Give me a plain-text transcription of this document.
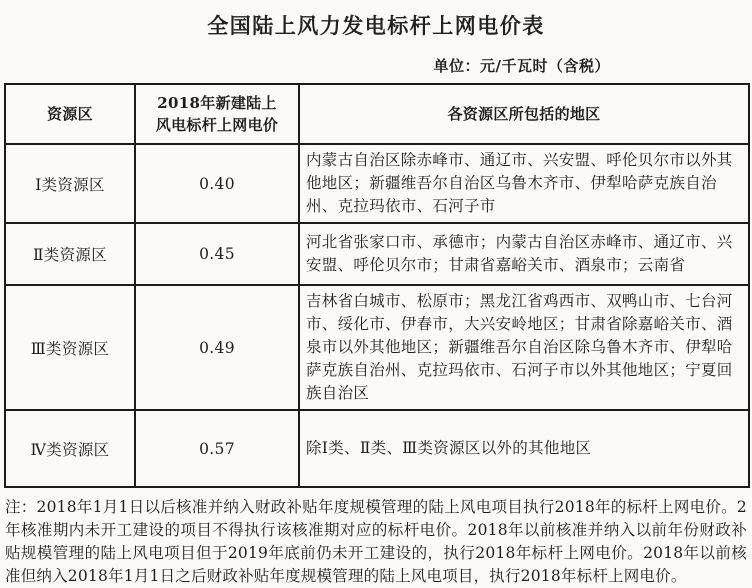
全国陆上风力发电标杆上网电价表
单位：元/千瓦时（含税）
资源区	2018年新建陆上风电标杆上网电价	各资源区所包括的地区
Ⅰ类资源区	0.40	内蒙古自治区除赤峰市、通辽市、兴安盟、呼伦贝尔市以外其他地区；新疆维吾尔自治区乌鲁木齐市、伊犁哈萨克族自治州、克拉玛依市、石河子市
Ⅱ类资源区	0.45	河北省张家口市、承德市；内蒙古自治区赤峰市、通辽市、兴安盟、呼伦贝尔市；甘肃省嘉峪关市、酒泉市；云南省
Ⅲ类资源区	0.49	吉林省白城市、松原市；黑龙江省鸡西市、双鸭山市、七台河市、绥化市、伊春市，大兴安岭地区；甘肃省除嘉峪关市、酒泉市以外其他地区；新疆维吾尔自治区除乌鲁木齐市、伊犁哈萨克族自治州、克拉玛依市、石河子市以外其他地区；宁夏回族自治区
Ⅳ类资源区	0.57	除Ⅰ类、Ⅱ类、Ⅲ类资源区以外的其他地区

注：2018年1月1日以后核准并纳入财政补贴年度规模管理的陆上风电项目执行2018年的标杆上网电价。2年核准期内未开工建设的项目不得执行该核准期对应的标杆电价。2018年以前核准并纳入以前年份财政补贴规模管理的陆上风电项目但于2019年底前仍未开工建设的，执行2018年标杆上网电价。2018年以前核准但纳入2018年1月1日之后财政补贴年度规模管理的陆上风电项目，执行2018年标杆上网电价。
